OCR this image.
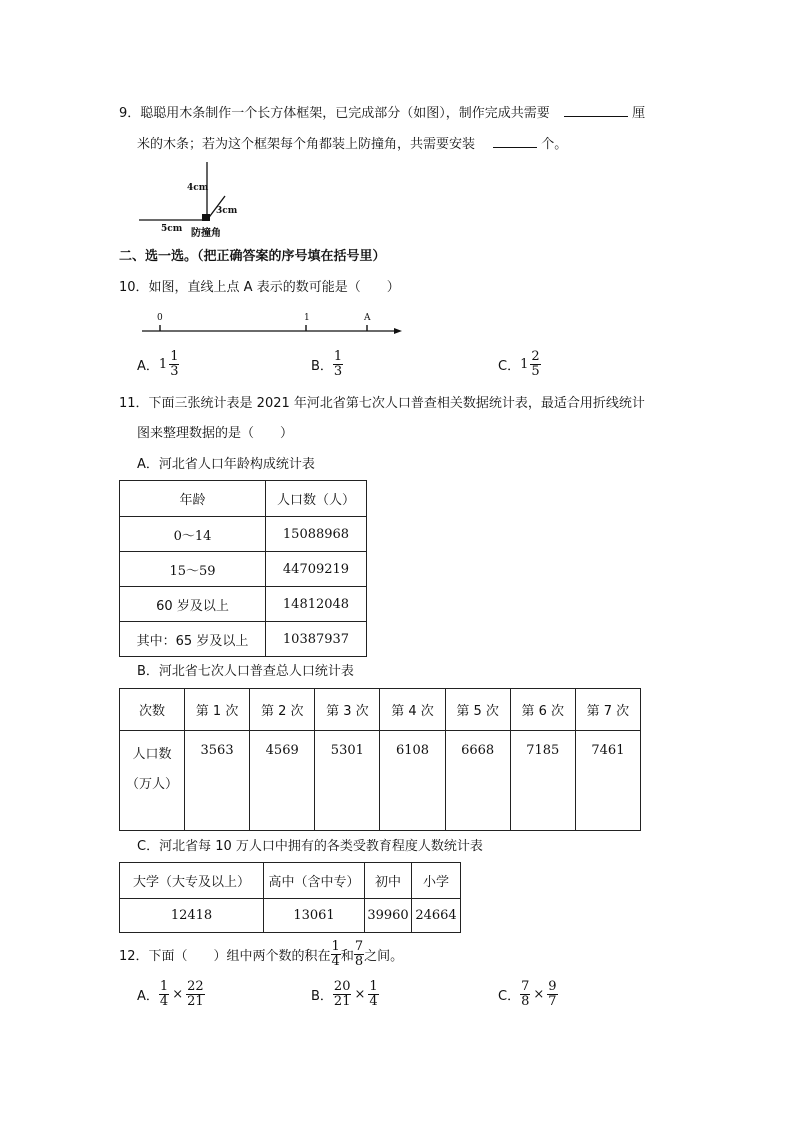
9．聪聪用木条制作一个长方体框架，已完成部分（如图），制作完成共需要	厘
米的木条；若为这个框架每个角都装上防撞角，共需要安装	个。
4cm
3cm
5cm 防撞角
二、选一选。（把正确答案的序号填在括号里）
10．如图，直线上点 A 表示的数可能是（　　）
0	1	A
A． $1 \frac{1}{3}$	B． $\frac{1}{3}$	C． $1 \frac{2}{5}$
11．下面三张统计表是 2021 年河北省第七次人口普查相关数据统计表，最适合用折线统计
图来整理数据的是（　　）
A．河北省人口年龄构成统计表
年龄	人口数（人）
0～14	15088968
15～59	44709219
60 岁及以上	14812048
其中：65 岁及以上	10387937
B．河北省七次人口普查总人口统计表
次数	第 1 次	第 2 次	第 3 次	第 4 次	第 5 次	第 6 次	第 7 次

人口数
（万人）	3563	4569	5301	6108	6668	7185	7461
C．河北省每 10 万人口中拥有的各类受教育程度人数统计表
大学（大专及以上）	高中（含中专）	初中	小学
12418	13061	39960	24664
12．下面（　　）组中两个数的积在 $\frac{1}{4}$ 和 $\frac{7}{8}$ 之间。
A． $\frac{1}{4} \times \frac{22}{21}$	B． $\frac{20}{21} \times \frac{1}{4}$	C． $\frac{7}{8} \times \frac{9}{7}$
